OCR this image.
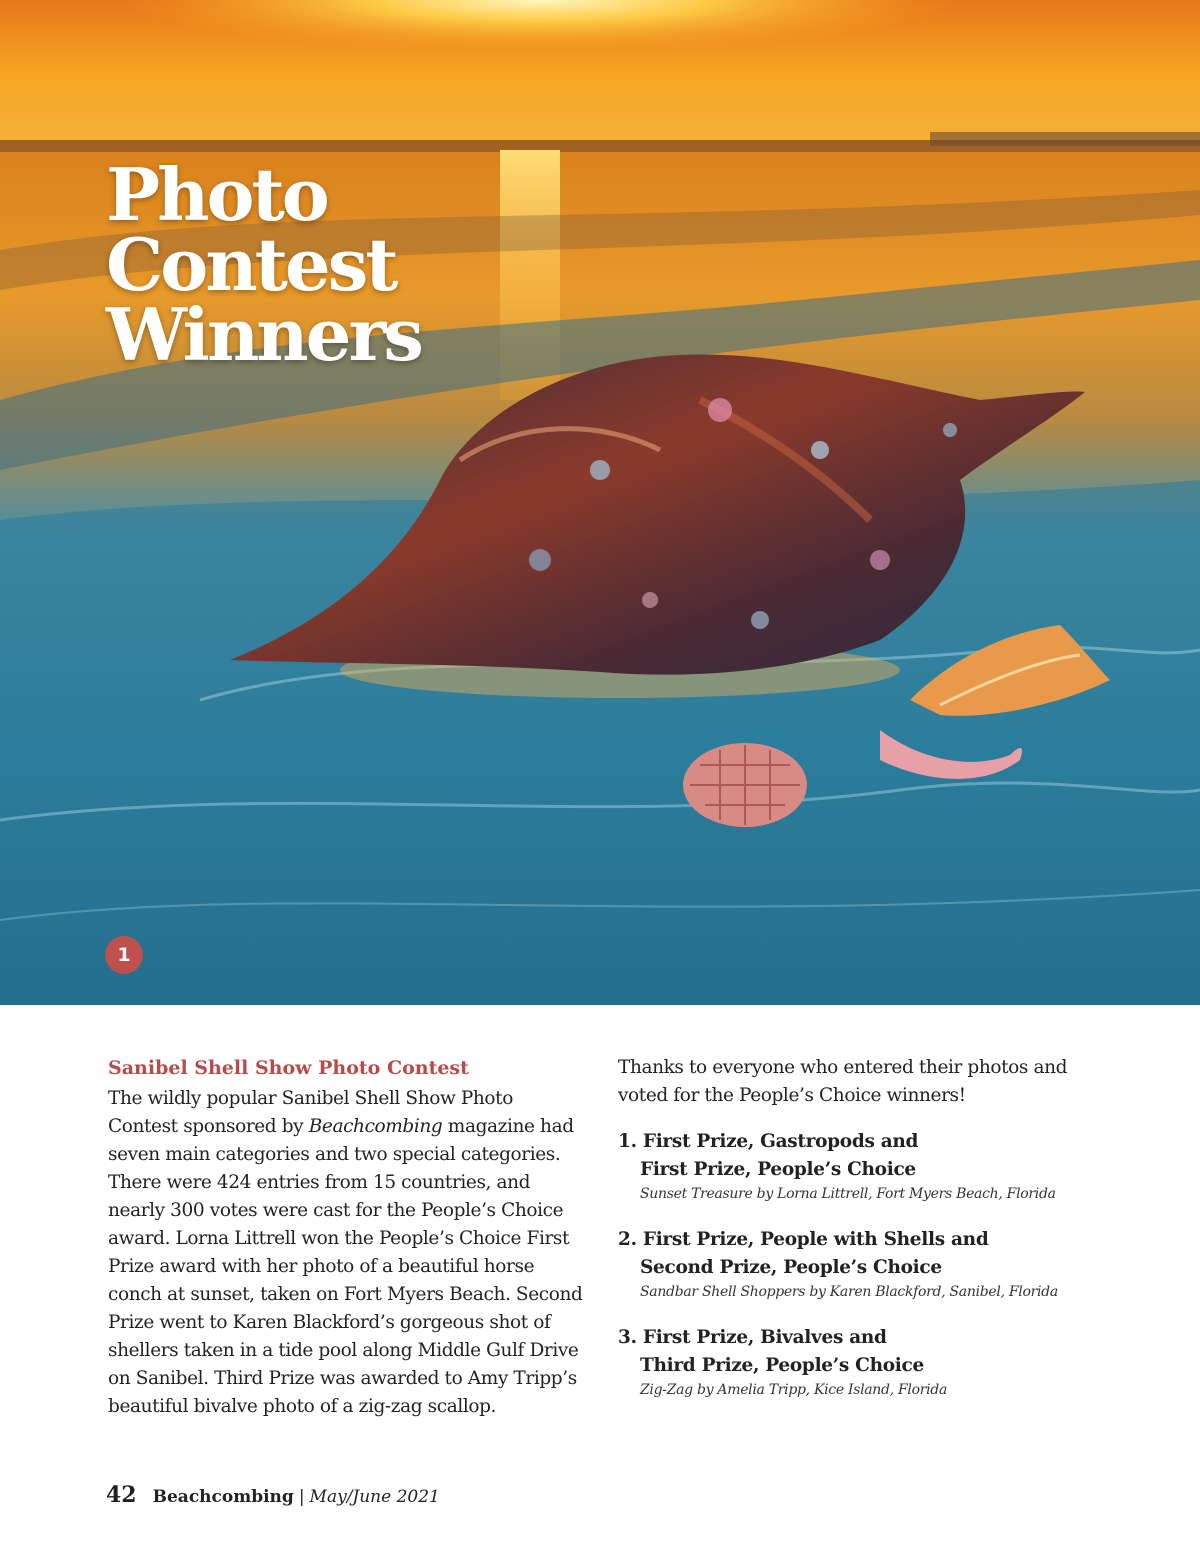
Photo
Contest
Winners
1
Sanibel Shell Show Photo Contest

The wildly popular Sanibel Shell Show Photo Contest sponsored by Beachcombing magazine had seven main categories and two special categories. There were 424 entries from 15 countries, and nearly 300 votes were cast for the People’s Choice award. Lorna Littrell won the People’s Choice First Prize award with her photo of a beautiful horse conch at sunset, taken on Fort Myers Beach. Second Prize went to Karen Blackford’s gorgeous shot of shellers taken in a tide pool along Middle Gulf Drive on Sanibel. Third Prize was awarded to Amy Tripp’s beautiful bivalve photo of a zig-zag scallop.

Thanks to everyone who entered their photos and voted for the People’s Choice winners!

1. First Prize, Gastropods and
First Prize, People’s Choice
Sunset Treasure by Lorna Littrell, Fort Myers Beach, Florida
2. First Prize, People with Shells and
Second Prize, People’s Choice
Sandbar Shell Shoppers by Karen Blackford, Sanibel, Florida
3. First Prize, Bivalves and
Third Prize, People’s Choice
Zig-Zag by Amelia Tripp, Kice Island, Florida
42 Beachcombing | May/June 2021
